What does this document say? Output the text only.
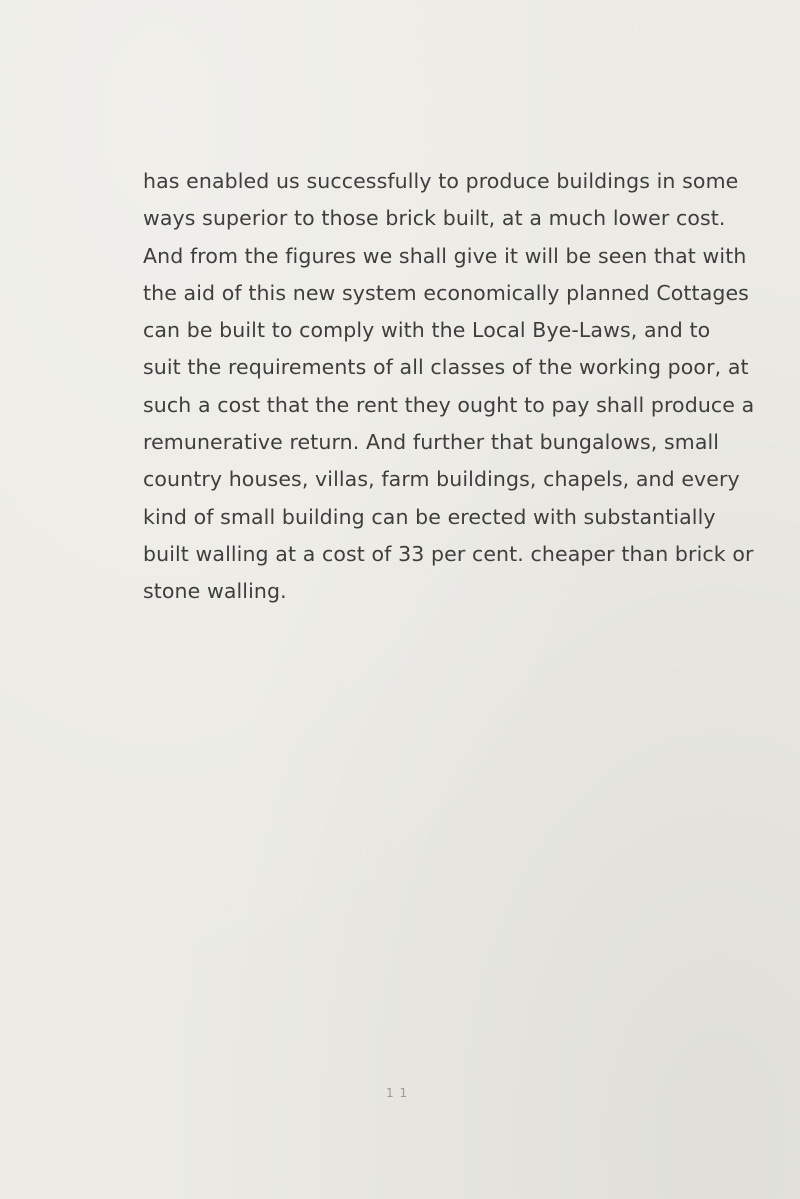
has enabled us successfully to produce buildings in some
ways superior to those brick built, at a much lower cost.
And from the figures we shall give it will be seen that with
the aid of this new system economically planned Cottages
can be built to comply with the Local Bye-Laws, and to
suit the requirements of all classes of the working poor, at
such a cost that the rent they ought to pay shall produce a
remunerative return. And further that bungalows, small
country houses, villas, farm buildings, chapels, and every
kind of small building can be erected with substantially
built walling at a cost of 33 per cent. cheaper than brick or
stone walling.
1 1
